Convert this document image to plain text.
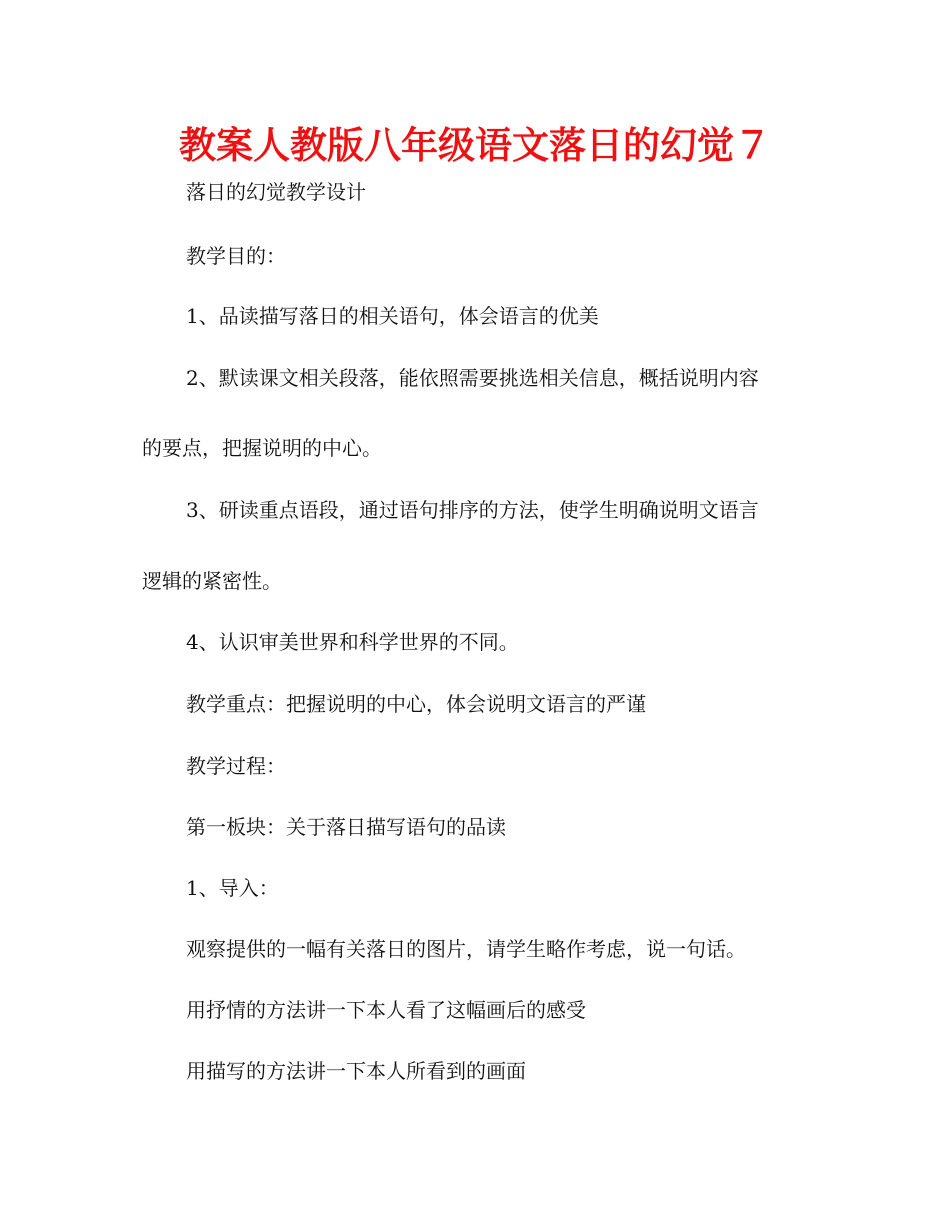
教案人教版八年级语文落日的幻觉７
落日的幻觉教学设计
教学目的：
1、品读描写落日的相关语句，体会语言的优美
2、默读课文相关段落，能依照需要挑选相关信息，概括说明内容
的要点，把握说明的中心。
3、研读重点语段，通过语句排序的方法，使学生明确说明文语言
逻辑的紧密性。
4、认识审美世界和科学世界的不同。
教学重点：把握说明的中心，体会说明文语言的严谨
教学过程：
第一板块：关于落日描写语句的品读
1、导入：
观察提供的一幅有关落日的图片，请学生略作考虑，说一句话。
用抒情的方法讲一下本人看了这幅画后的感受
用描写的方法讲一下本人所看到的画面
